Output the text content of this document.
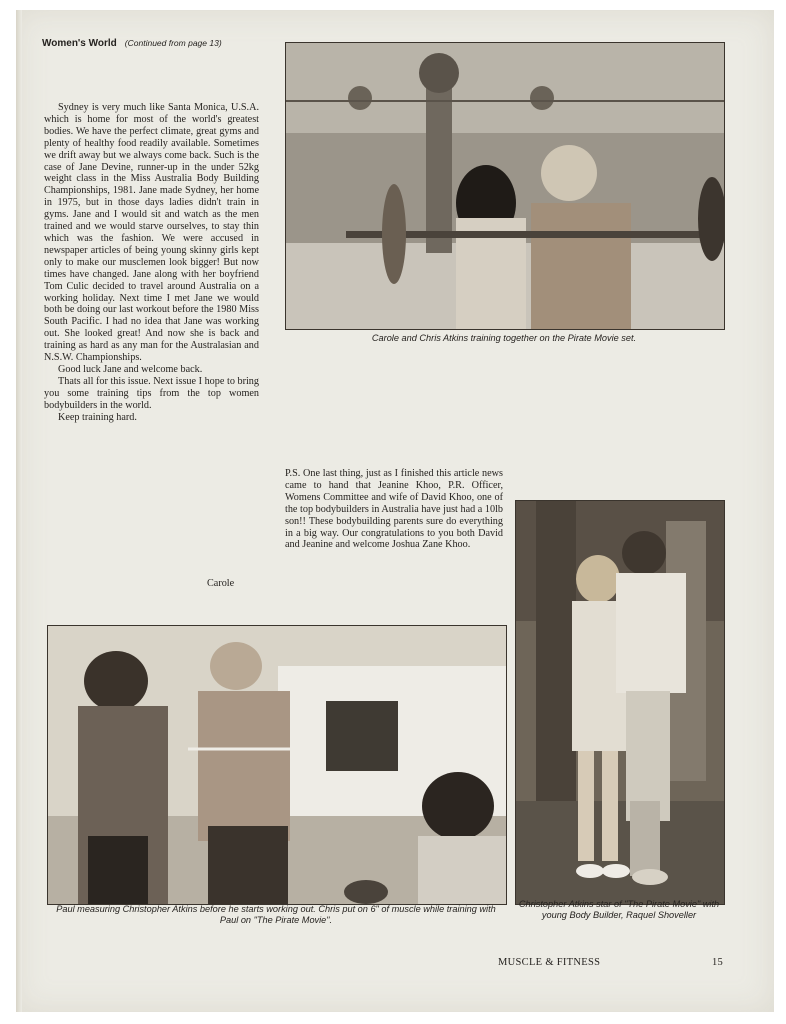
Women's World (Continued from page 13)

Sydney is very much like Santa Monica, U.S.A. which is home for most of the world's greatest bodies. We have the perfect climate, great gyms and plenty of healthy food readily available. Sometimes we drift away but we always come back. Such is the case of Jane Devine, runner-up in the under 52kg weight class in the Miss Australia Body Building Championships, 1981. Jane made Sydney, her home in 1975, but in those days ladies didn't train in gyms. Jane and I would sit and watch as the men trained and we would starve ourselves, to stay thin which was the fashion. We were accused in newspaper articles of being young skinny girls kept only to make our musclemen look bigger! But now times have changed. Jane along with her boyfriend Tom Culic decided to travel around Australia on a working holiday. Next time I met Jane we would both be doing our last workout before the 1980 Miss South Pacific. I had no idea that Jane was working out. She looked great! And now she is back and training as hard as any man for the Australasian and N.S.W. Championships.

Good luck Jane and welcome back.

Thats all for this issue. Next issue I hope to bring you some training tips from the top women bodybuilders in the world.

Keep training hard.

Carole

P.S. One last thing, just as I finished this article news came to hand that Jeanine Khoo, P.R. Officer, Womens Committee and wife of David Khoo, one of the top bodybuilders in Australia have just had a 10lb son!! These bodybuilding parents sure do everything in a big way. Our congratulations to you both David and Jeanine and welcome Joshua Zane Khoo.

Carole and Chris Atkins training together on the Pirate Movie set.
Paul measuring Christopher Atkins before he starts working out. Chris put on 6" of muscle while training with Paul on "The Pirate Movie".
Christopher Atkins star of "The Pirate Movie" with young Body Builder, Raquel Shoveller
MUSCLE & FITNESS	15
